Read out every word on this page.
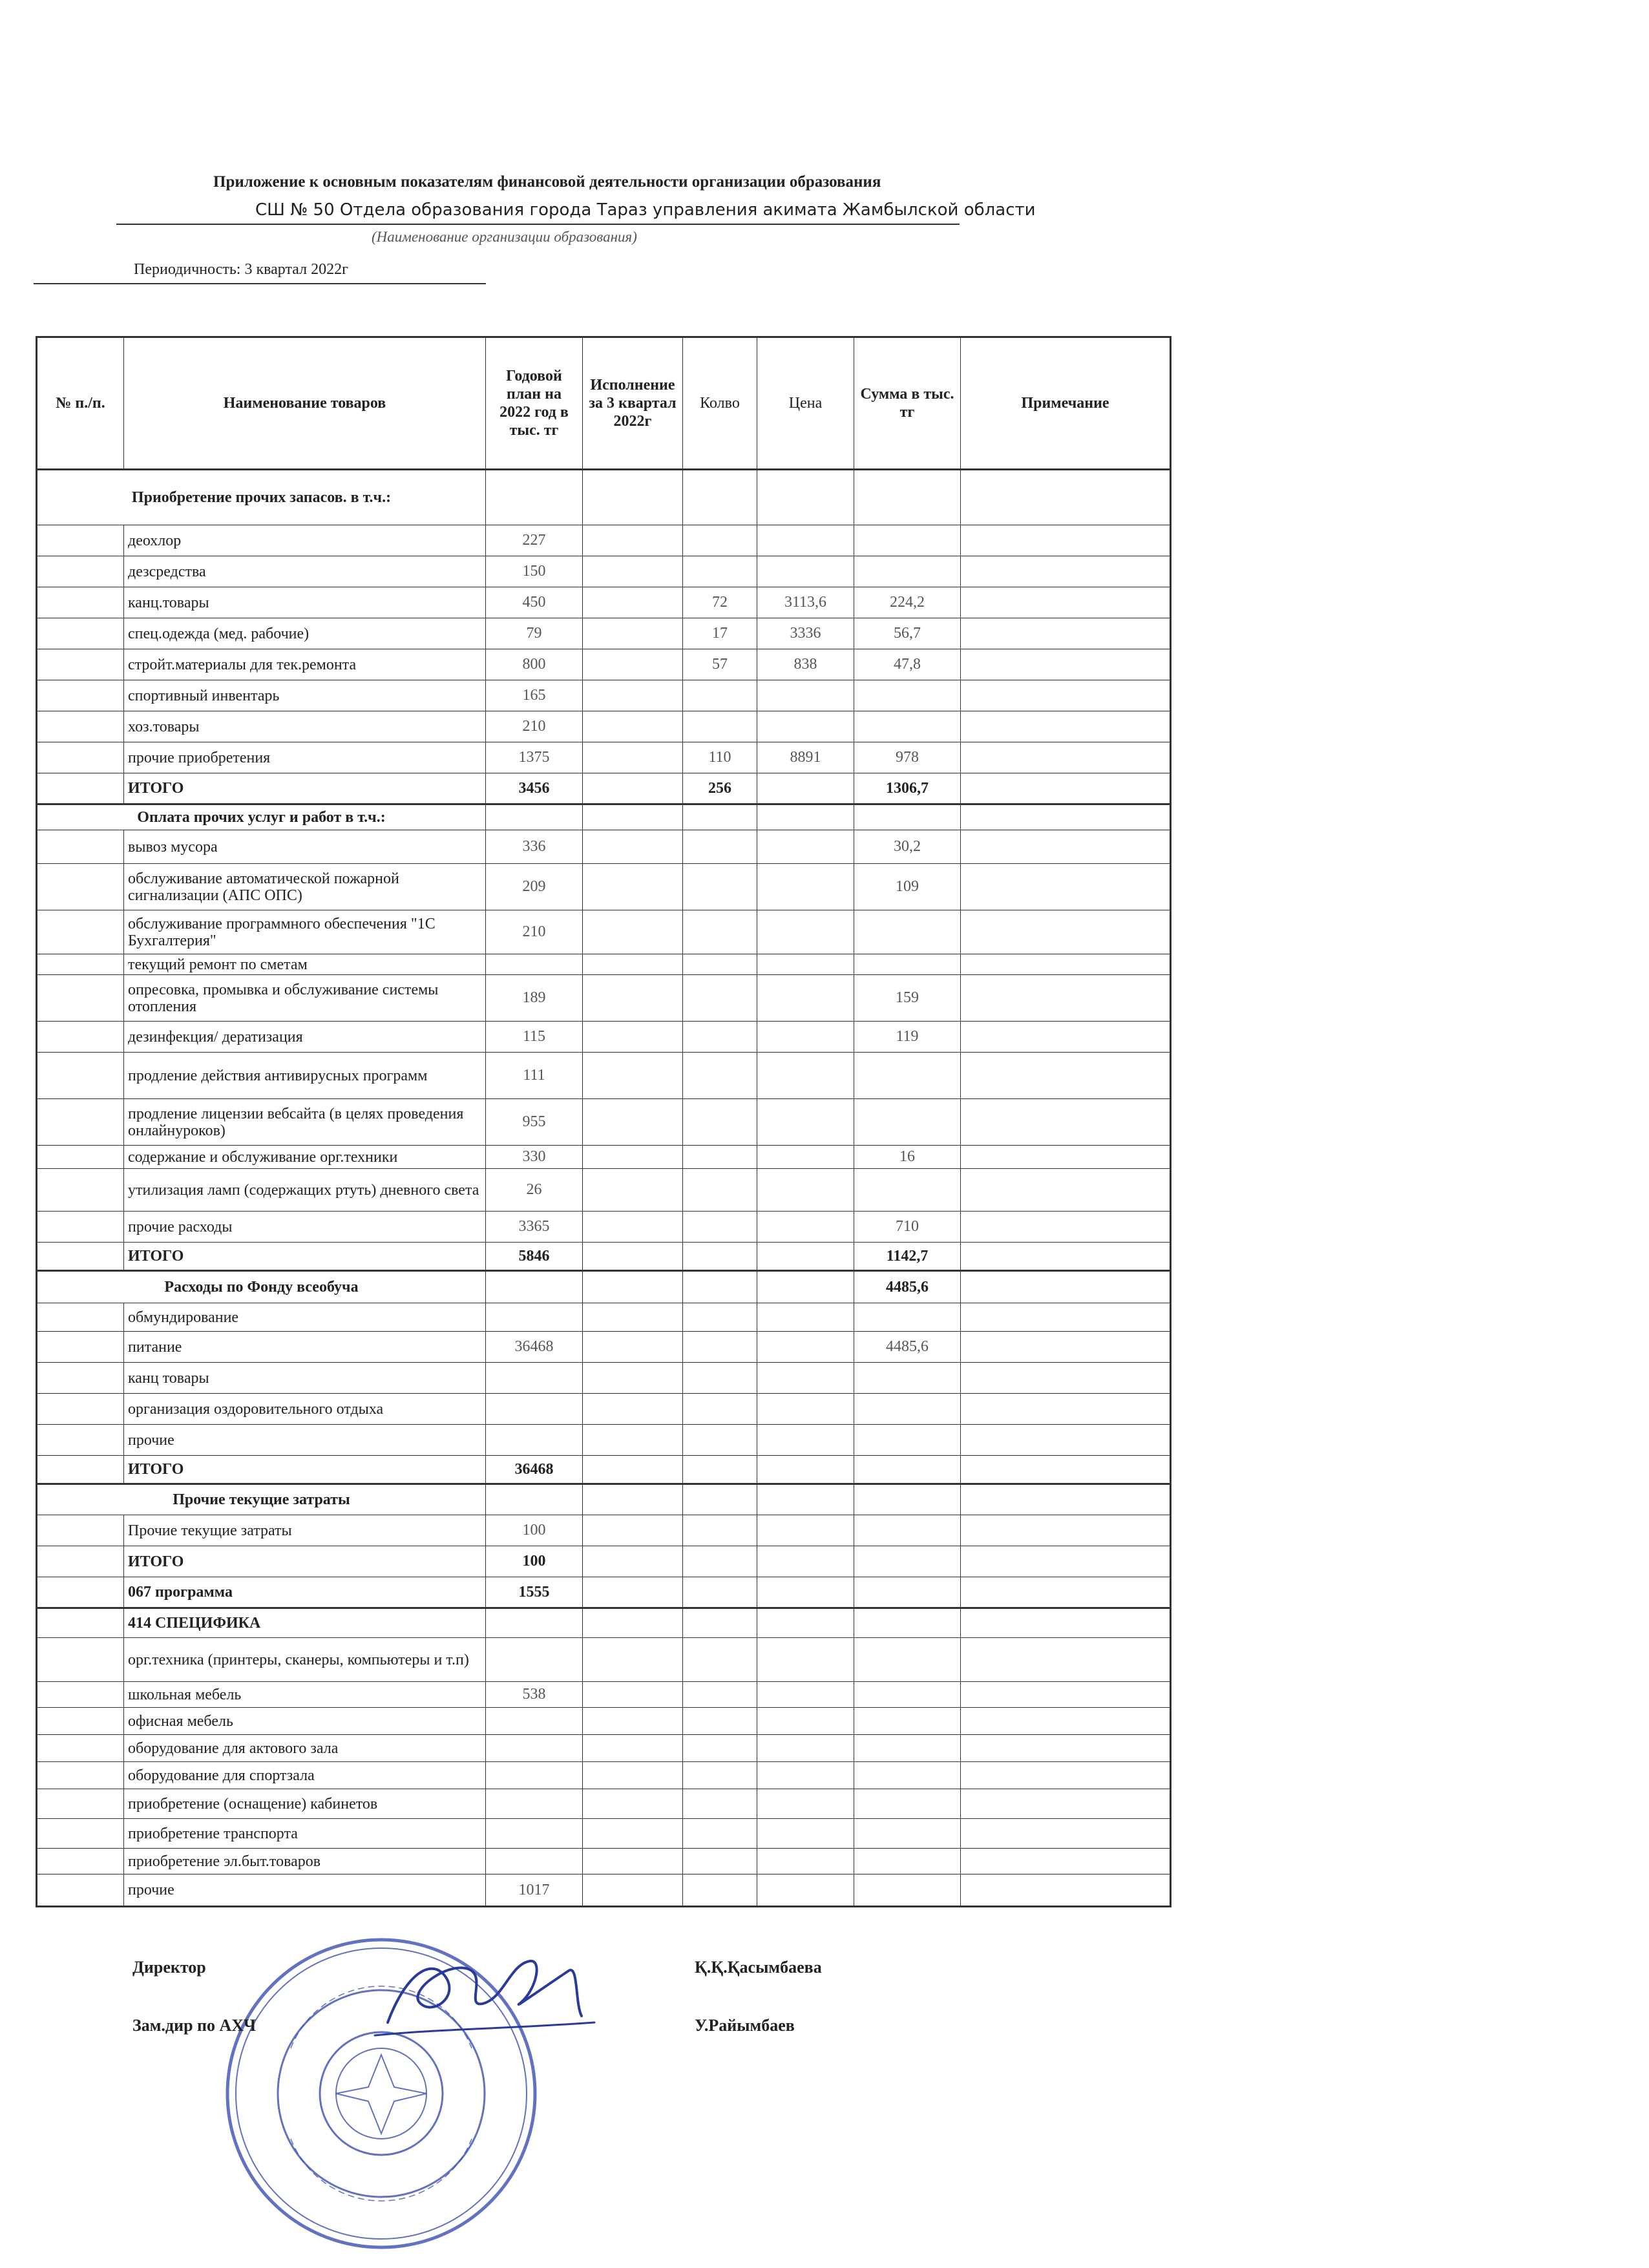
Приложение к основным показателям финансовой деятельности организации образования
СШ № 50 Отдела образования города Тараз управления акимата Жамбылской области
(Наименование организации образования)
Периодичность: 3 квартал 2022г
№ п./п.	Наименование товаров	Годовой план на 2022 год в тыс. тг	Исполнение за 3 квартал 2022г	Колво	Цена	Сумма в тыс. тг	Примечание
Приобретение прочих запасов. в т.ч.:							
	деохлор	227					
	дезсредства	150					
	канц.товары	450		72	3113,6	224,2	
	спец.одежда (мед. рабочие)	79		17	3336	56,7	
	стройт.материалы для тек.ремонта	800		57	838	47,8	
	спортивный инвентарь	165					
	хоз.товары	210					
	прочие приобретения	1375		110	8891	978	
	ИТОГО	3456		256		1306,7	
Оплата прочих услуг и работ в т.ч.:							
	вывоз мусора	336				30,2	
	обслуживание автоматической пожарной сигнализации (АПС ОПС)	209				109	
	обслуживание программного обеспечения "1С Бухгалтерия"	210					
	текущий ремонт по сметам						
	опресовка, промывка и обслуживание системы отопления	189				159	
	дезинфекция/ дератизация	115				119	
	продление действия антивирусных программ	111					
	продление лицензии вебсайта (в целях проведения онлайнуроков)	955					
	содержание и обслуживание орг.техники	330				16	
	утилизация ламп (содержащих ртуть) дневного света	26					
	прочие расходы	3365				710	
	ИТОГО	5846				1142,7	
Расходы по Фонду всеобуча						4485,6	
	обмундирование						
	питание	36468				4485,6	
	канц товары						
	организация оздоровительного отдыха						
	прочие						
	ИТОГО	36468					
Прочие текущие затраты							
	Прочие текущие затраты	100					
	ИТОГО	100					
	067 программа	1555					
	414 СПЕЦИФИКА						
	орг.техника (принтеры, сканеры, компьютеры и т.п)						
	школьная мебель	538					
	офисная мебель						
	оборудование для актового зала						
	оборудование для спортзала						
	приобретение (оснащение) кабинетов						
	приобретение транспорта						
	приобретение эл.быт.товаров						
	прочие	1017					
Директор	Қ.Қ.Қасымбаева
Зам.дир по АХЧ	У.Райымбаев
